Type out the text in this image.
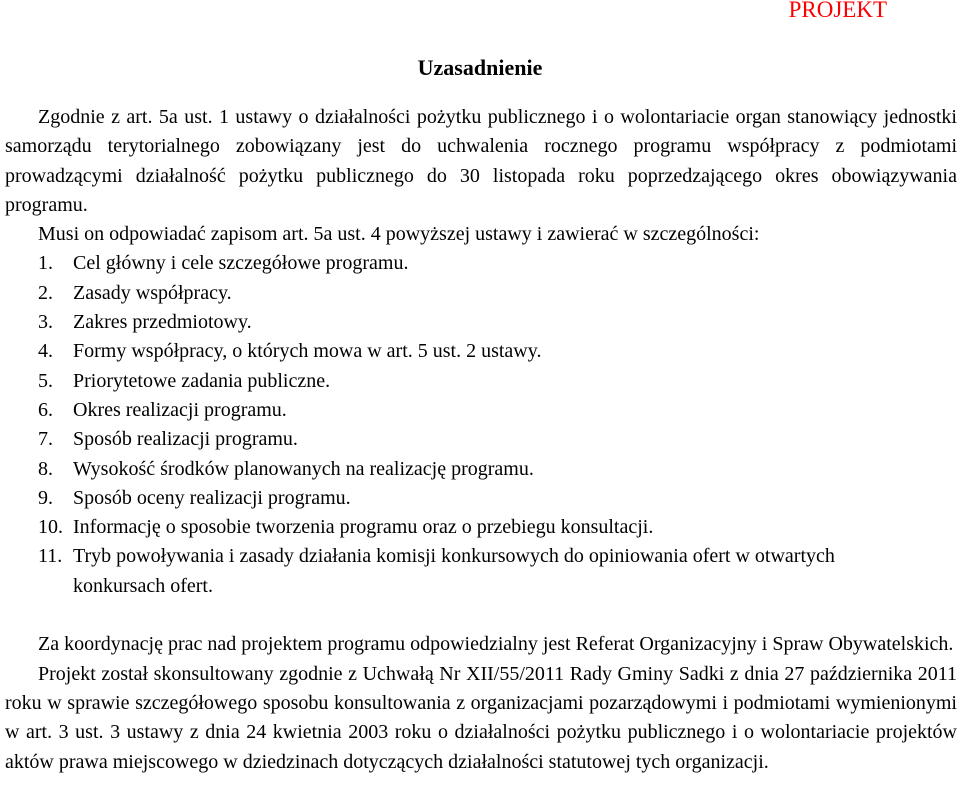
PROJEKT
Uzasadnienie

Zgodnie z art. 5a ust. 1 ustawy o działalności pożytku publicznego i o wolontariacie organ stanowiący jednostki samorządu terytorialnego zobowiązany jest do uchwalenia rocznego programu współpracy z podmiotami prowadzącymi działalność pożytku publicznego do 30 listopada roku poprzedzającego okres obowiązywania programu.

Musi on odpowiadać zapisom art. 5a ust. 4 powyższej ustawy i zawierać w szczególności:

1. Cel główny i cele szczegółowe programu.
2. Zasady współpracy.
3. Zakres przedmiotowy.
4. Formy współpracy, o których mowa w art. 5 ust. 2 ustawy.
5. Priorytetowe zadania publiczne.
6. Okres realizacji programu.
7. Sposób realizacji programu.
8. Wysokość środków planowanych na realizację programu.
9. Sposób oceny realizacji programu.
10. Informację o sposobie tworzenia programu oraz o przebiegu konsultacji.
11. Tryb powoływania i zasady działania komisji konkursowych do opiniowania ofert w otwartych konkursach ofert.

Za koordynację prac nad projektem programu odpowiedzialny jest Referat Organizacyjny i Spraw Obywatelskich.

Projekt został skonsultowany zgodnie z Uchwałą Nr XII/55/2011 Rady Gminy Sadki z dnia 27 października 2011 roku w sprawie szczegółowego sposobu konsultowania z organizacjami pozarządowymi i podmiotami wymienionymi w art. 3 ust. 3 ustawy z dnia 24 kwietnia 2003 roku o działalności pożytku publicznego i o wolontariacie projektów aktów prawa miejscowego w dziedzinach dotyczących działalności statutowej tych organizacji.
